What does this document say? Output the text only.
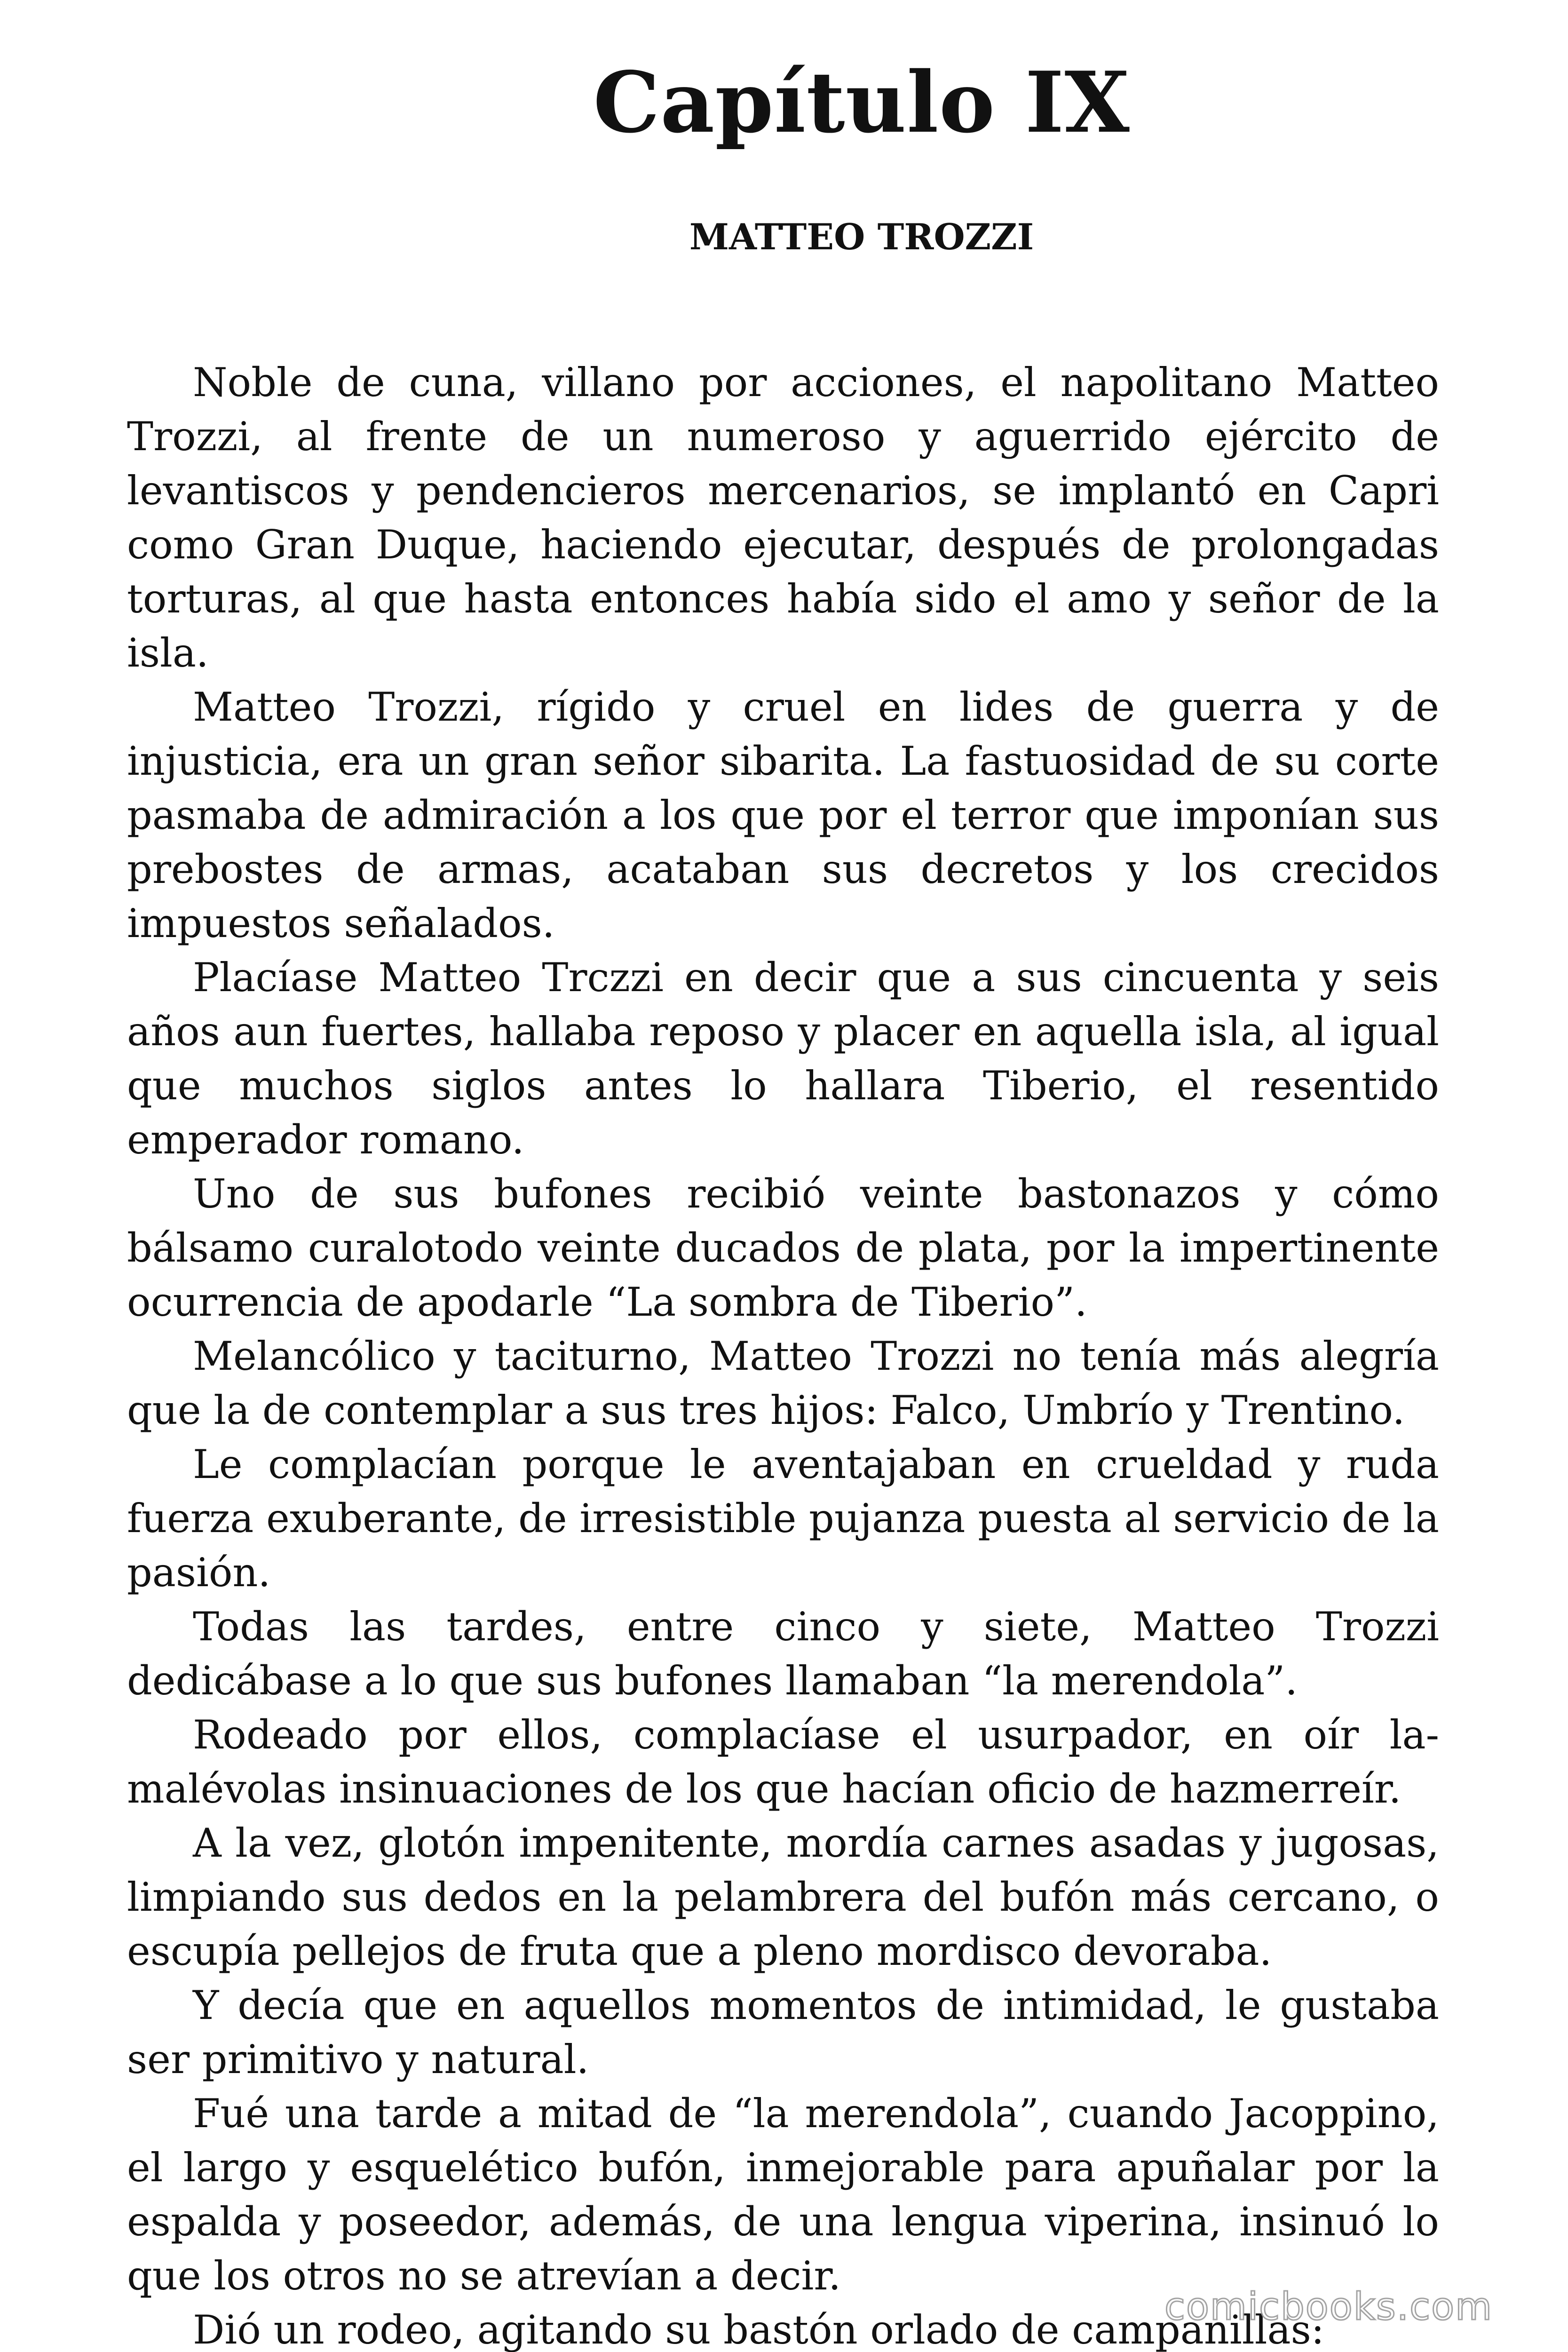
Capítulo IX
MATTEO TROZZI

Noble de cuna, villano por acciones, el napolitano Matteo Trozzi, al frente de un numeroso y aguerrido ejército de levantiscos y pendencieros mercenarios, se implantó en Capri como Gran Duque, haciendo ejecutar, después de prolongadas torturas, al que hasta entonces había sido el amo y señor de la isla.

Matteo Trozzi, rígido y cruel en lides de guerra y de injusticia, era un gran señor sibarita. La fastuosidad de su corte pasmaba de admiración a los que por el terror que imponían sus prebostes de armas, acataban sus decretos y los crecidos impuestos señalados.

Placíase Matteo Trczzi en decir que a sus cincuenta y seis años aun fuertes, hallaba reposo y placer en aquella isla, al igual que muchos siglos antes lo hallara Tiberio, el resentido emperador romano.

Uno de sus bufones recibió veinte bastonazos y cómo bálsamo curalotodo veinte ducados de plata, por la impertinente ocurrencia de apodarle “La sombra de Tiberio”.

Melancólico y taciturno, Matteo Trozzi no tenía más alegría que la de contemplar a sus tres hijos: Falco, Umbrío y Trentino.

Le complacían porque le aventajaban en crueldad y ruda fuerza exuberante, de irresistible pujanza puesta al servicio de la pasión.

Todas las tardes, entre cinco y siete, Matteo Trozzi dedicábase a lo que sus bufones llamaban “la merendola”.

Rodeado por ellos, complacíase el usurpador, en oír la-malévolas insinuaciones de los que hacían oficio de hazmerreír.

A la vez, glotón impenitente, mordía carnes asadas y jugosas, limpiando sus dedos en la pelambrera del bufón más cercano, o escupía pellejos de fruta que a pleno mordisco devoraba.

Y decía que en aquellos momentos de intimidad, le gustaba ser primitivo y natural.

Fué una tarde a mitad de “la merendola”, cuando Jacoppino, el largo y esquelético bufón, inmejorable para apuñalar por la espalda y poseedor, además, de una lengua viperina, insinuó lo que los otros no se atrevían a decir.

Dió un rodeo, agitando su bastón orlado de campanillas:

comicbooks.com
